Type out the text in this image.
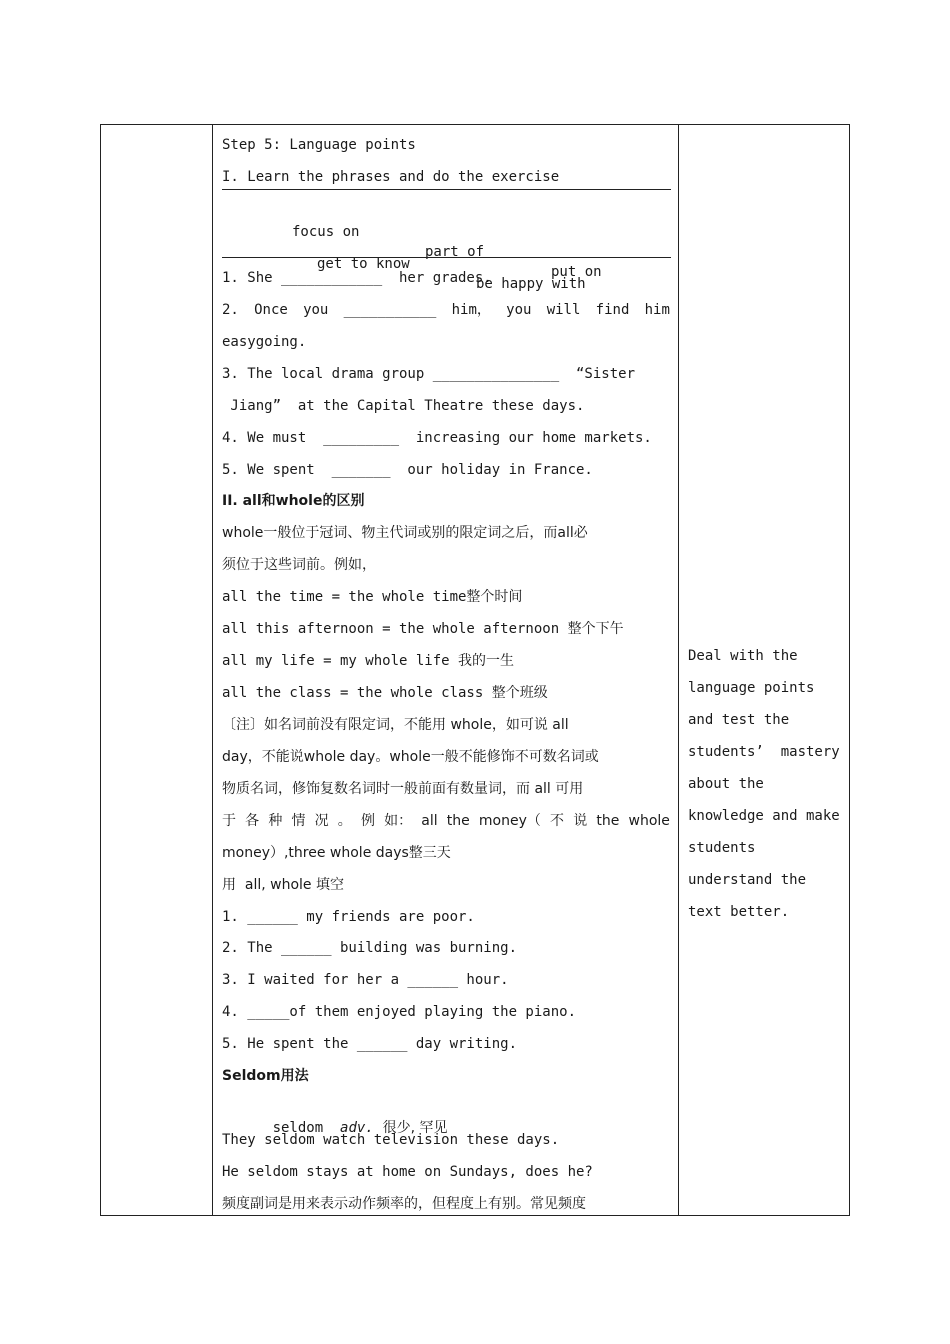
Step 5: Language points
I. Learn the phrases and do the exercise

focus on

part of

put on

get to know

be happy with

1. She ____________  her grades.
2. Once you ___________ him， you will find him
easygoing.
3. The local drama group _______________  “Sister
Jiang”  at the Capital Theatre these days.
4. We must  _________  increasing our home markets.
5. We spent  _______  our holiday in France.
II. all和whole的区别
whole一般位于冠词、物主代词或别的限定词之后，而all必
须位于这些词前。例如，
all the time = the whole time整个时间
all this afternoon = the whole afternoon 整个下午
all my life = my whole life 我的一生
all the class = the whole class 整个班级
〔注〕如名词前没有限定词，不能用 whole，如可说 all
day，不能说whole day。whole一般不能修饰不可数名词或
物质名词，修饰复数名词时一般前面有数量词，而 all 可用
于 各 种 情 况 。 例 如： all the money（ 不 说 the whole
money）,three whole days整三天
用  all, whole 填空
1. ______ my friends are poor.
2. The ______ building was burning.
3. I waited for her a ______ hour.
4. _____of them enjoyed playing the piano.
5. He spent the ______ day writing.
Seldom用法

seldom  adv.  很少, 罕见

They seldom watch television these days.
He seldom stays at home on Sundays, does he?
频度副词是用来表示动作频率的，但程度上有别。常见频度
Deal with the
language points
and test the
students’  mastery
about the
knowledge and make
students
understand the
text better.
